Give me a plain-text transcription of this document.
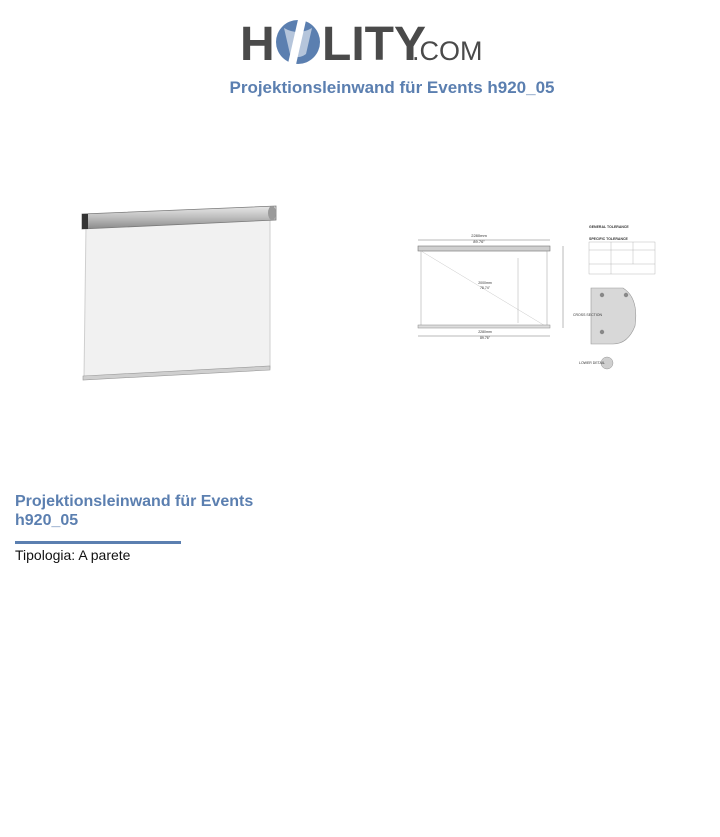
H LITY
.COM
Projektionsleinwand für Events h920_05
2280mm
89.76"
2000mm
78.74"
2280mm
89.76"
GENERAL TOLERANCE
SPECIFIC TOLERANCE
CROSS SECTION
LOWER DETAIL
Projektionsleinwand für Events h920_05
Tipologia: A parete
